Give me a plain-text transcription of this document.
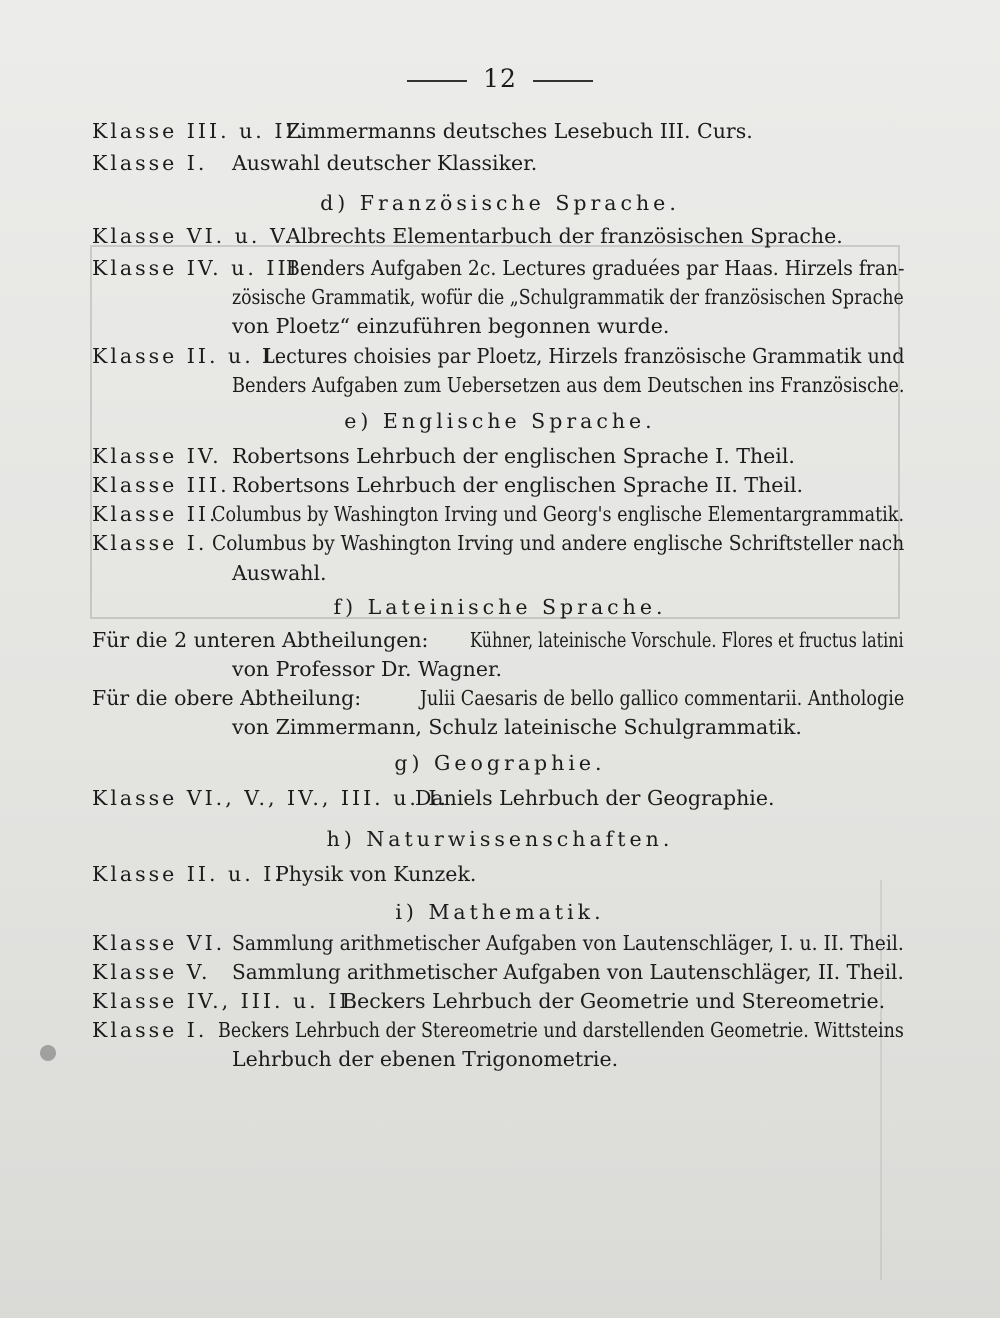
12
Klasse III. u. II.
Zimmermanns deutsches Lesebuch III. Curs.
Klasse I. Auswahl deutscher Klassiker.
d) Französische Sprache.
Klasse VI. u. V.
Albrechts Elementarbuch der französischen Sprache.
Klasse IV. u. III.
Benders Aufgaben 2c. Lectures graduées par Haas. Hirzels fran-
zösische Grammatik, wofür die „Schulgrammatik der französischen Sprache
von Ploetz“ einzuführen begonnen wurde.
Klasse II. u. I.
Lectures choisies par Ploetz, Hirzels französische Grammatik und
Benders Aufgaben zum Uebersetzen aus dem Deutschen ins Französische.
e) Englische Sprache.
Klasse IV. Robertsons Lehrbuch der englischen Sprache I. Theil.
Klasse III. Robertsons Lehrbuch der englischen Sprache II. Theil.
Klasse II.
Columbus by Washington Irving und Georg's englische Elementargrammatik.
Klasse I. Columbus by Washington Irving und andere englische Schriftsteller nach
Auswahl.
f) Lateinische Sprache.
Für die 2 unteren Abtheilungen: Kühner, lateinische Vorschule. Flores et fructus latini
von Professor Dr. Wagner.
Für die obere Abtheilung:	Julii Caesaris de bello gallico commentarii. Anthologie
von Zimmermann, Schulz lateinische Schulgrammatik.
g) Geographie.
Klasse VI., V., IV., III. u. I.
Daniels Lehrbuch der Geographie.
h) Naturwissenschaften.
Klasse II. u. I.
Physik von Kunzek.
i) Mathematik.
Klasse VI. Sammlung arithmetischer Aufgaben von Lautenschläger, I. u. II. Theil.
Klasse V. Sammlung arithmetischer Aufgaben von Lautenschläger, II. Theil.
Klasse IV., III. u. II.
Beckers Lehrbuch der Geometrie und Stereometrie.
Klasse I. Beckers Lehrbuch der Stereometrie und darstellenden Geometrie. Wittsteins
Lehrbuch der ebenen Trigonometrie.
